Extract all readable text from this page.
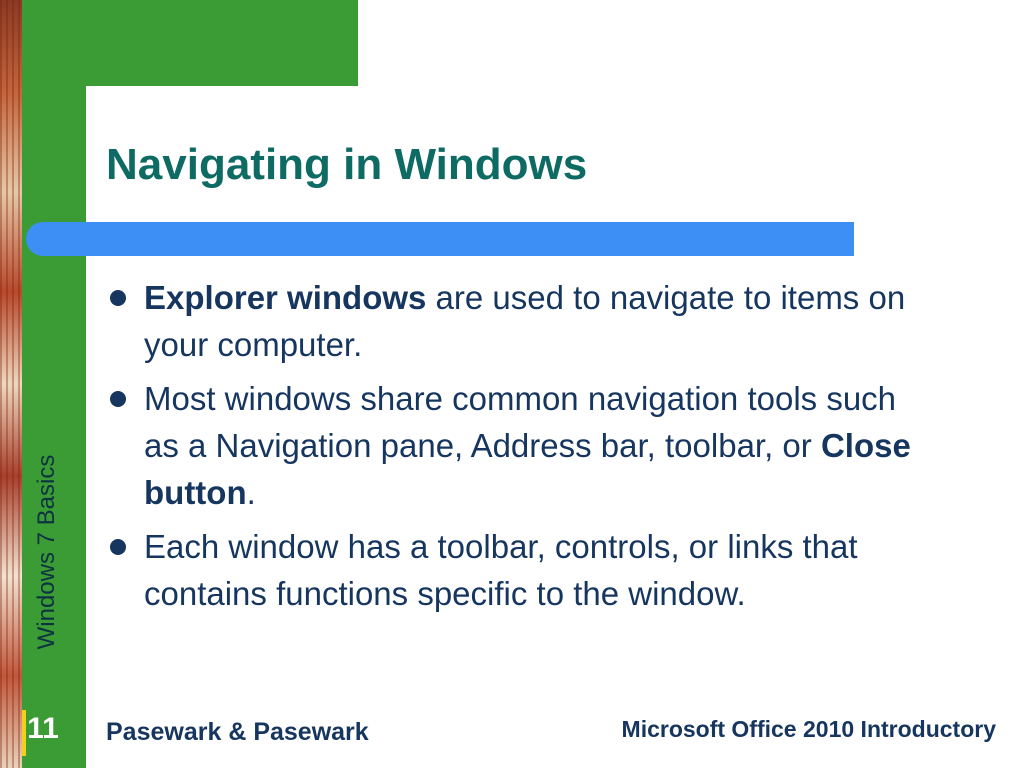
Navigating in Windows
Explorer windows are used to navigate to items on your computer.
Most windows share common navigation tools such as a Navigation pane, Address bar, toolbar, or Close button.
Each window has a toolbar, controls, or links that contains functions specific to the window.
Windows 7 Basics
11 Pasewark & Pasewark	Microsoft Office 2010 Introductory
